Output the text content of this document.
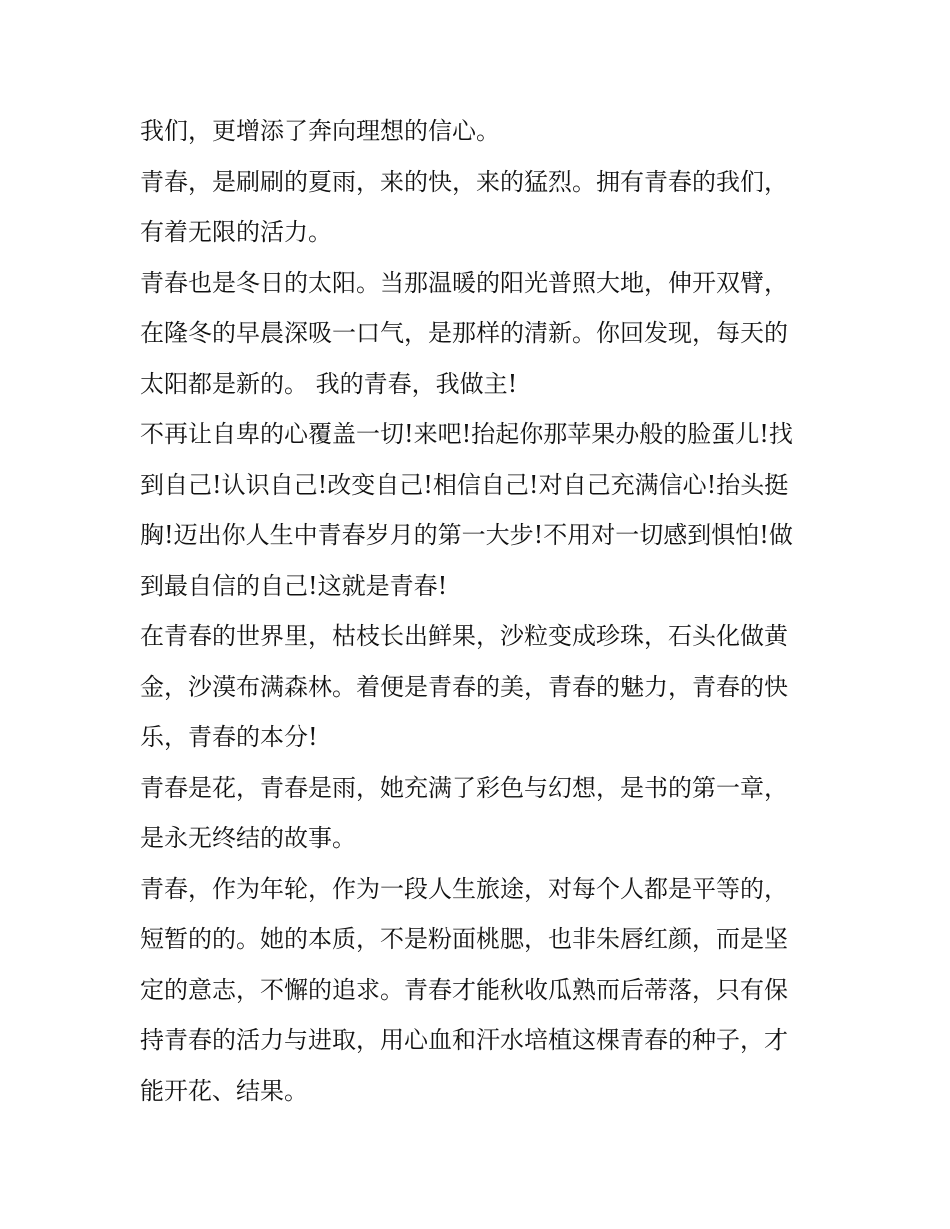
我们，更增添了奔向理想的信心。

青春，是刷刷的夏雨，来的快，来的猛烈。拥有青春的我们，
有着无限的活力。

青春也是冬日的太阳。当那温暖的阳光普照大地，伸开双臂，
在隆冬的早晨深吸一口气，是那样的清新。你回发现，每天的
太阳都是新的。 我的青春，我做主!

不再让自卑的心覆盖一切!来吧!抬起你那苹果办般的脸蛋儿!找
到自己!认识自己!改变自己!相信自己!对自己充满信心!抬头挺
胸!迈出你人生中青春岁月的第一大步!不用对一切感到惧怕!做
到最自信的自己!这就是青春!

在青春的世界里，枯枝长出鲜果，沙粒变成珍珠，石头化做黄
金，沙漠布满森林。着便是青春的美，青春的魅力，青春的快
乐，青春的本分!

青春是花，青春是雨，她充满了彩色与幻想，是书的第一章，
是永无终结的故事。

青春，作为年轮，作为一段人生旅途，对每个人都是平等的，
短暂的的。她的本质，不是粉面桃腮，也非朱唇红颜，而是坚
定的意志，不懈的追求。青春才能秋收瓜熟而后蒂落，只有保
持青春的活力与进取，用心血和汗水培植这棵青春的种子，才
能开花、结果。
